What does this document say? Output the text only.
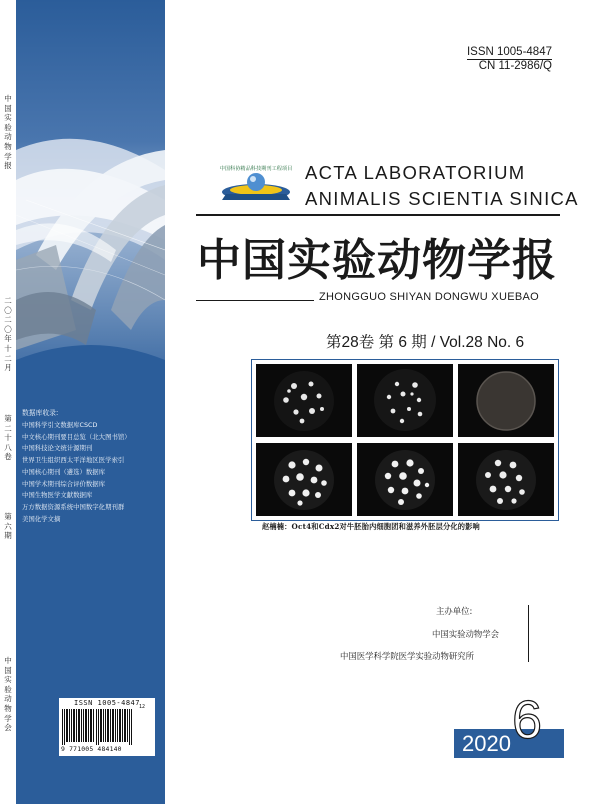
中国实验动物学报
二〇二〇年十二月
第二十八卷
第六期
中国实验动物学会
数据库收录:
中国科学引文数据库CSCD
中文核心期刊要目总览（北大图书馆）
中国科技论文统计源期刊
世界卫生组织西太平洋地区医学索引
中国核心期刊（遴选）数据库
中国学术期刊综合评价数据库
中国生物医学文献数据库
万方数据资源系统中国数字化期刊群
美国化学文摘
ISSN 1005-4847 12
9 771005 484140
ISSN 1005-4847
CN 11-2986/Q
中国科协精品科技期刊工程项目 ACTA LABORATORIUM
ANIMALIS SCIENTIA SINICA
中国实验动物学报
ZHONGGUO SHIYAN DONGWU XUEBAO
第28卷 第 6 期 / Vol.28 No. 6
赵楠楠：Oct4和Cdx2对牛胚胎内细胞团和滋养外胚层分化的影响
主办单位:
中国实验动物学会
中国医学科学院医学实验动物研究所
2020 6
